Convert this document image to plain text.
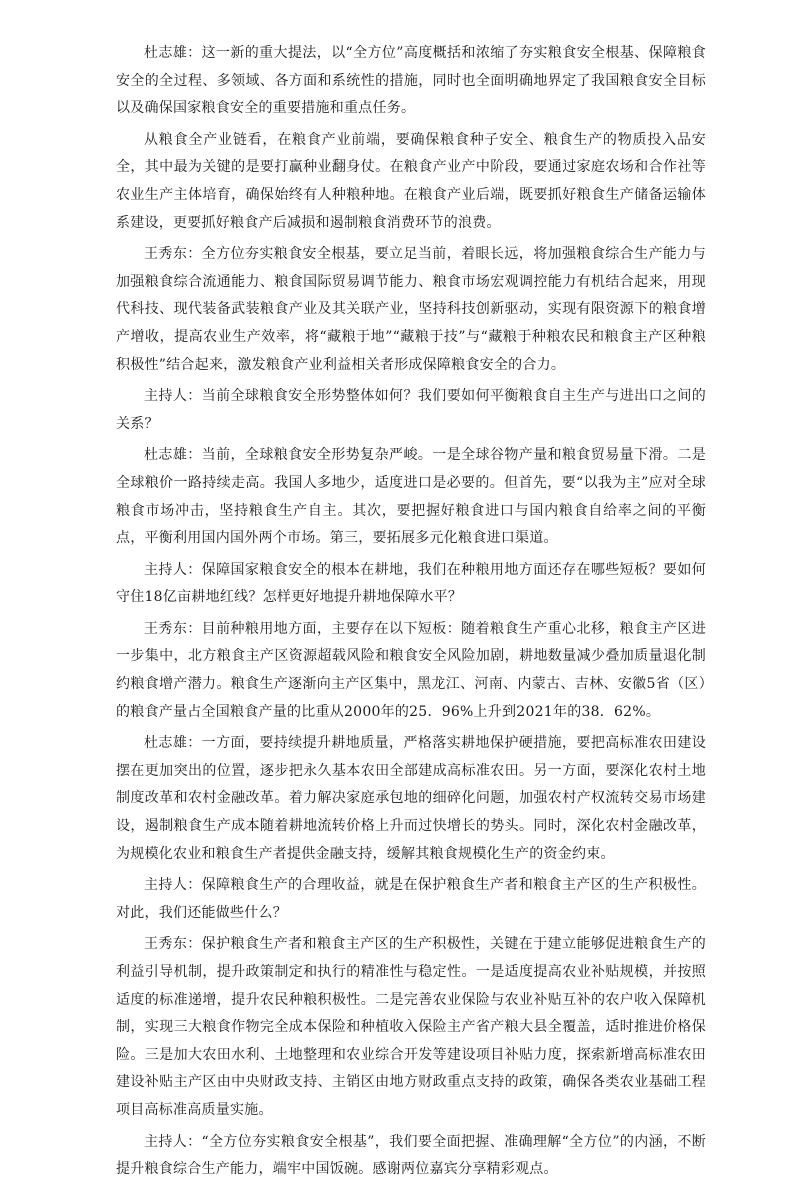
杜志雄：这一新的重大提法，以“全方位”高度概括和浓缩了夯实粮食安全根基、保障粮食安全的全过程、多领域、各方面和系统性的措施，同时也全面明确地界定了我国粮食安全目标以及确保国家粮食安全的重要措施和重点任务。

从粮食全产业链看，在粮食产业前端，要确保粮食种子安全、粮食生产的物质投入品安全，其中最为关键的是要打赢种业翻身仗。在粮食产业产中阶段，要通过家庭农场和合作社等农业生产主体培育，确保始终有人种粮种地。在粮食产业后端，既要抓好粮食生产储备运输体系建设，更要抓好粮食产后减损和遏制粮食消费环节的浪费。

王秀东：全方位夯实粮食安全根基，要立足当前，着眼长远，将加强粮食综合生产能力与加强粮食综合流通能力、粮食国际贸易调节能力、粮食市场宏观调控能力有机结合起来，用现代科技、现代装备武装粮食产业及其关联产业，坚持科技创新驱动，实现有限资源下的粮食增产增收，提高农业生产效率，将“藏粮于地”“藏粮于技”与“藏粮于种粮农民和粮食主产区种粮积极性”结合起来，激发粮食产业利益相关者形成保障粮食安全的合力。

主持人：当前全球粮食安全形势整体如何？我们要如何平衡粮食自主生产与进出口之间的关系？

杜志雄：当前，全球粮食安全形势复杂严峻。一是全球谷物产量和粮食贸易量下滑。二是全球粮价一路持续走高。我国人多地少，适度进口是必要的。但首先，要“以我为主”应对全球粮食市场冲击，坚持粮食生产自主。其次，要把握好粮食进口与国内粮食自给率之间的平衡点，平衡利用国内国外两个市场。第三，要拓展多元化粮食进口渠道。

主持人：保障国家粮食安全的根本在耕地，我们在种粮用地方面还存在哪些短板？要如何守住18亿亩耕地红线？怎样更好地提升耕地保障水平？

王秀东：目前种粮用地方面，主要存在以下短板：随着粮食生产重心北移，粮食主产区进一步集中，北方粮食主产区资源超载风险和粮食安全风险加剧，耕地数量减少叠加质量退化制约粮食增产潜力。粮食生产逐渐向主产区集中，黑龙江、河南、内蒙古、吉林、安徽5省（区）的粮食产量占全国粮食产量的比重从2000年的25．96%上升到2021年的38．62%。

杜志雄：一方面，要持续提升耕地质量，严格落实耕地保护硬措施，要把高标准农田建设摆在更加突出的位置，逐步把永久基本农田全部建成高标准农田。另一方面，要深化农村土地制度改革和农村金融改革。着力解决家庭承包地的细碎化问题，加强农村产权流转交易市场建设，遏制粮食生产成本随着耕地流转价格上升而过快增长的势头。同时，深化农村金融改革，为规模化农业和粮食生产者提供金融支持，缓解其粮食规模化生产的资金约束。

主持人：保障粮食生产的合理收益，就是在保护粮食生产者和粮食主产区的生产积极性。对此，我们还能做些什么？

王秀东：保护粮食生产者和粮食主产区的生产积极性，关键在于建立能够促进粮食生产的利益引导机制，提升政策制定和执行的精准性与稳定性。一是适度提高农业补贴规模，并按照适度的标准递增，提升农民种粮积极性。二是完善农业保险与农业补贴互补的农户收入保障机制，实现三大粮食作物完全成本保险和种植收入保险主产省产粮大县全覆盖，适时推进价格保险。三是加大农田水利、土地整理和农业综合开发等建设项目补贴力度，探索新增高标准农田建设补贴主产区由中央财政支持、主销区由地方财政重点支持的政策，确保各类农业基础工程项目高标准高质量实施。

主持人：“全方位夯实粮食安全根基”，我们要全面把握、准确理解“全方位”的内涵，不断提升粮食综合生产能力，端牢中国饭碗。感谢两位嘉宾分享精彩观点。
